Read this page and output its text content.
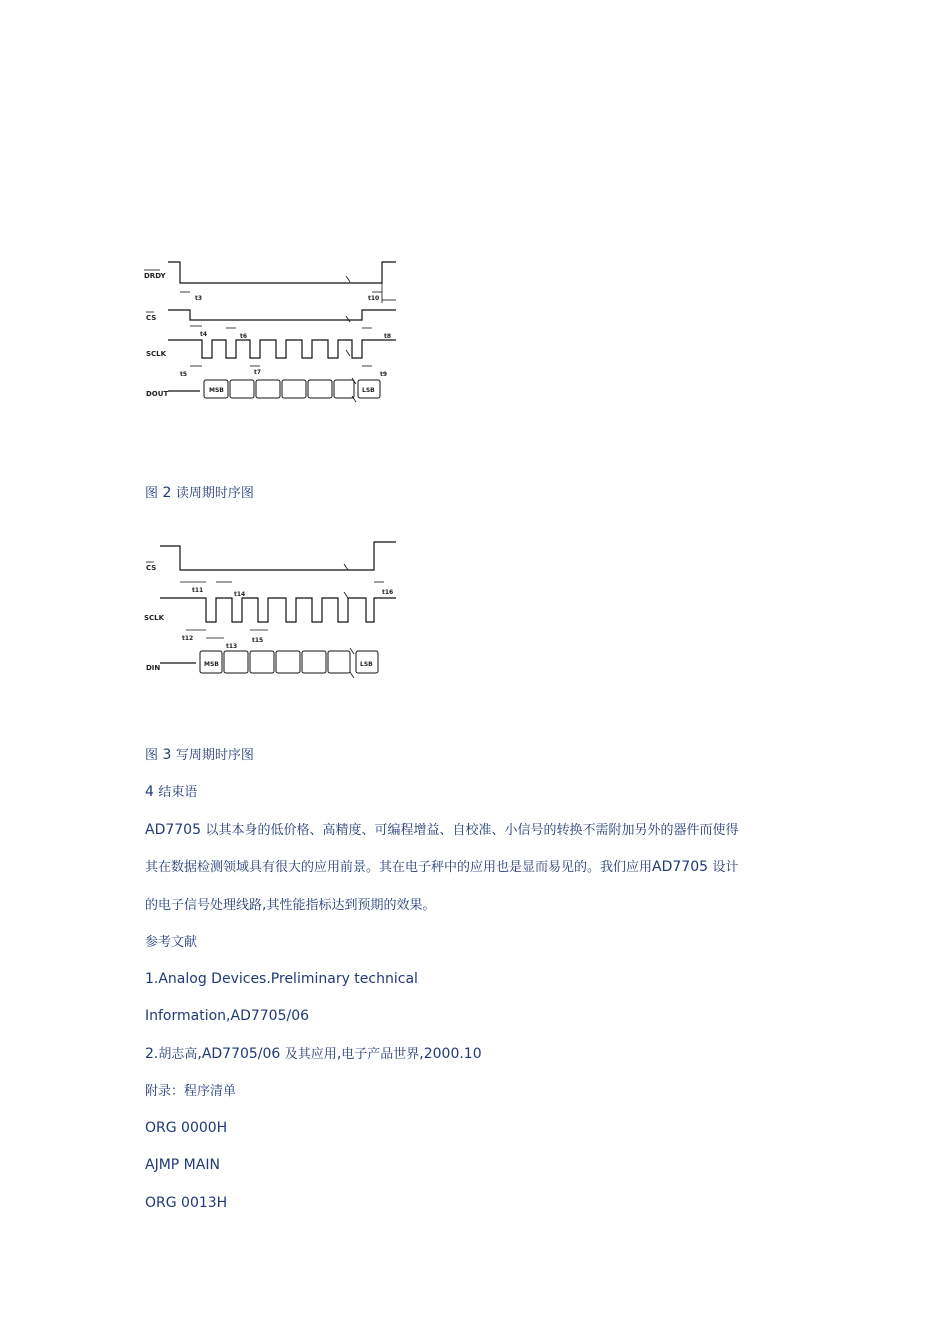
DRDY
CS
SCLK
DOUT	MSB	LSB
t3
t4
t5
t6
t7
t8
t9
t10
图 2 读周期时序图
CS
SCLK
DIN	MSB	LSB
t11
t12
t13
t14
t15
t16
图 3 写周期时序图
4 结束语
AD7705 以其本身的低价格、高精度、可编程增益、自校准、小信号的转换不需附加另外的器件而使得
其在数据检测领域具有很大的应用前景。其在电子秤中的应用也是显而易见的。我们应用AD7705 设计
的电子信号处理线路,其性能指标达到预期的效果。
参考文献
1.Analog Devices.Preliminary technical
Information,AD7705/06
2.胡志高,AD7705/06 及其应用,电子产品世界,2000.10
附录：程序清单
ORG 0000H
AJMP MAIN
ORG 0013H
